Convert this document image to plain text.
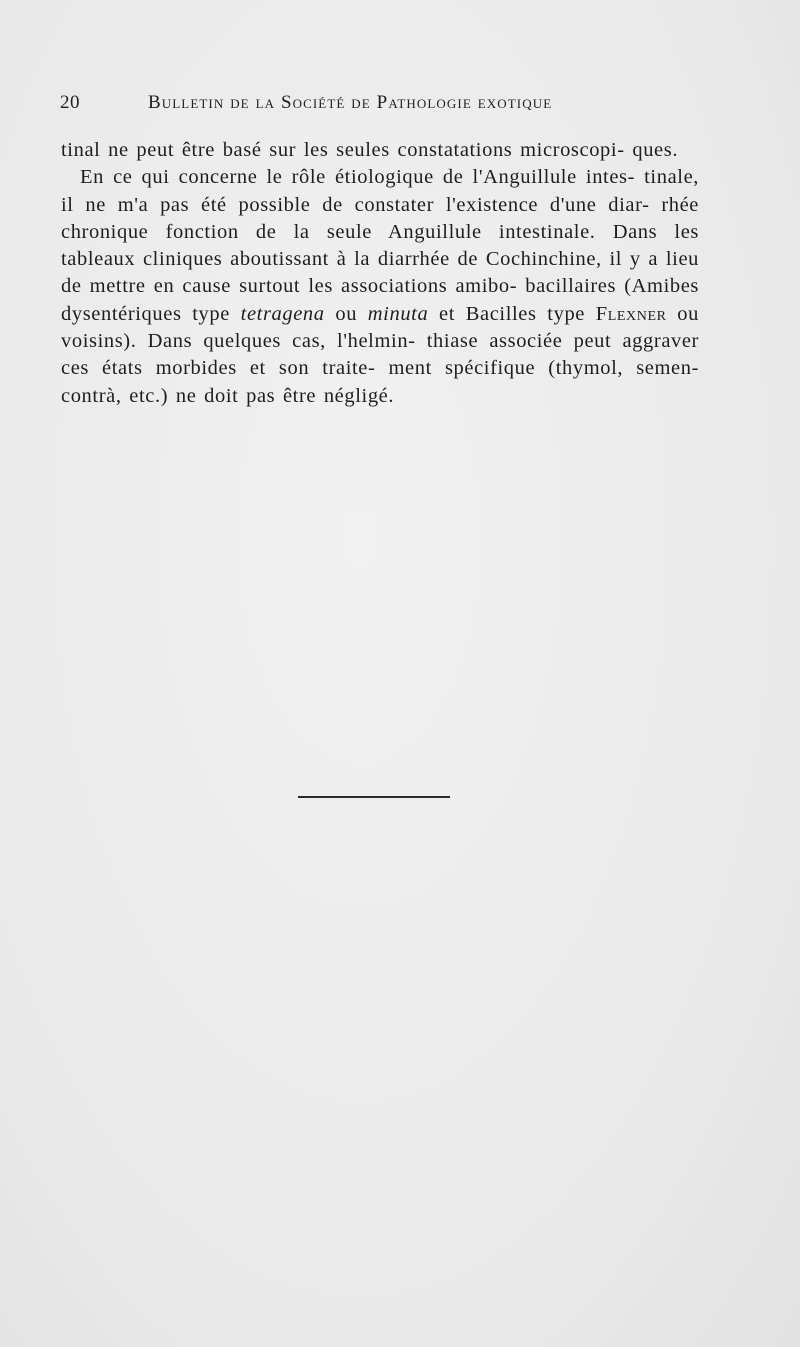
20	Bulletin de la Société de Pathologie exotique

tinal ne peut être basé sur les seules constatations microscopi- ques.

En ce qui concerne le rôle étiologique de l'Anguillule intes- tinale, il ne m'a pas été possible de constater l'existence d'une diar- rhée chronique fonction de la seule Anguillule intestinale. Dans les tableaux cliniques aboutissant à la diarrhée de Cochinchine, il y a lieu de mettre en cause surtout les associations amibo- bacillaires (Amibes dysentériques type tetragena ou minuta et Bacilles type Flexner ou voisins). Dans quelques cas, l'helmin- thiase associée peut aggraver ces états morbides et son traite- ment spécifique (thymol, semen-contrà, etc.) ne doit pas être négligé.
